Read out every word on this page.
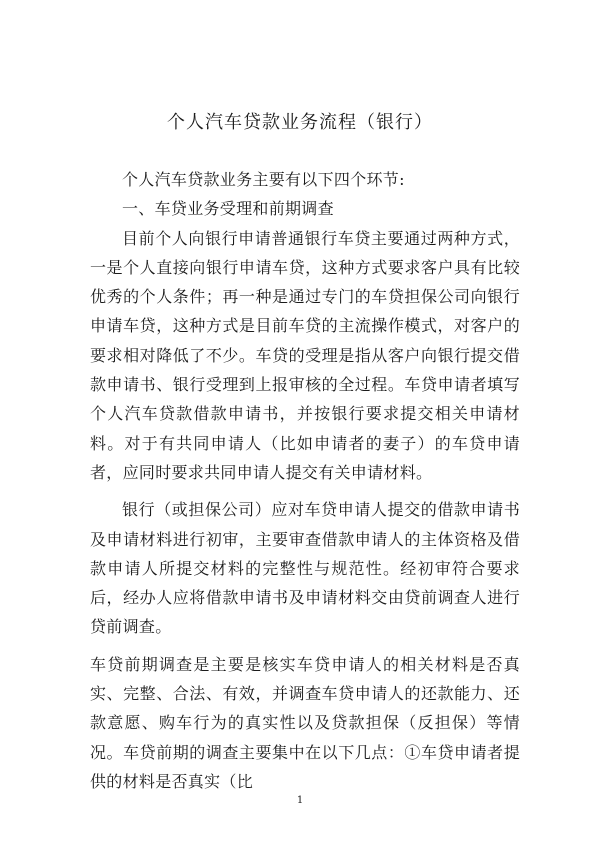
个人汽车贷款业务流程（银行）

个人汽车贷款业务主要有以下四个环节:

一、车贷业务受理和前期调查

目前个人向银行申请普通银行车贷主要通过两种方式，一是个人直接向银行申请车贷，这种方式要求客户具有比较优秀的个人条件；再一种是通过专门的车贷担保公司向银行申请车贷，这种方式是目前车贷的主流操作模式，对客户的要求相对降低了不少。车贷的受理是指从客户向银行提交借款申请书、银行受理到上报审核的全过程。车贷申请者填写个人汽车贷款借款申请书，并按银行要求提交相关申请材料。对于有共同申请人（比如申请者的妻子）的车贷申请者，应同时要求共同申请人提交有关申请材料。

银行（或担保公司）应对车贷申请人提交的借款申请书及申请材料进行初审，主要审查借款申请人的主体资格及借款申请人所提交材料的完整性与规范性。经初审符合要求后，经办人应将借款申请书及申请材料交由贷前调查人进行贷前调查。

车贷前期调查是主要是核实车贷申请人的相关材料是否真实、完整、合法、有效，并调查车贷申请人的还款能力、还款意愿、购车行为的真实性以及贷款担保（反担保）等情况。车贷前期的调查主要集中在以下几点：①车贷申请者提供的材料是否真实（比

1
